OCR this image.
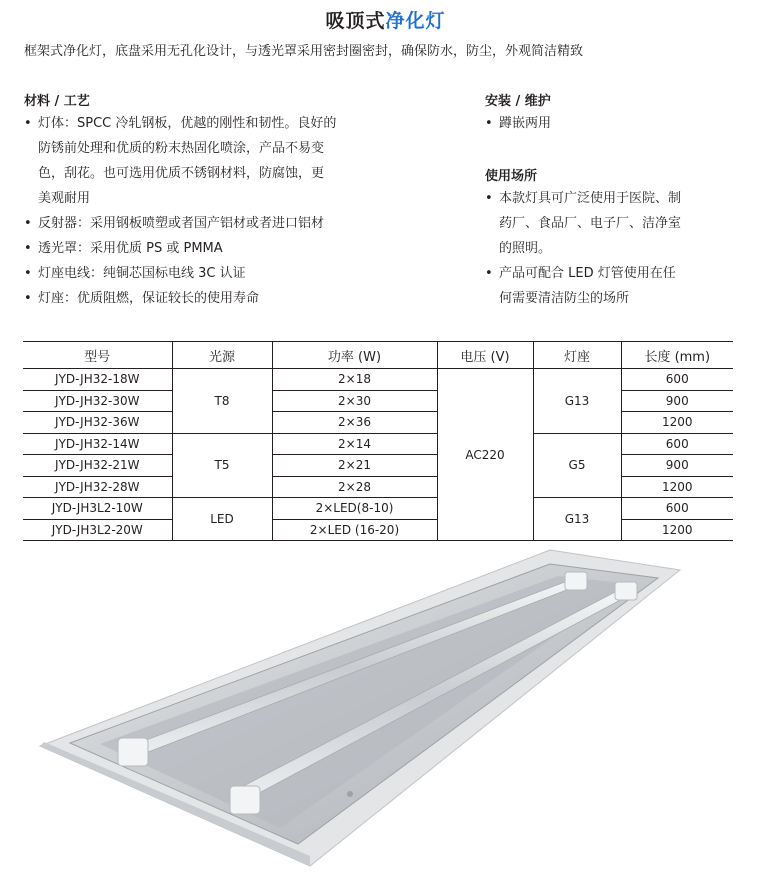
吸顶式净化灯
框架式净化灯，底盘采用无孔化设计，与透光罩采用密封圈密封，确保防水，防尘，外观简洁精致
材料 / 工艺
• 灯体：SPCC 冷轧钢板，优越的刚性和韧性。良好的
防锈前处理和优质的粉末热固化喷涂，产品不易变
色，刮花。也可选用优质不锈钢材料，防腐蚀，更
美观耐用
• 反射器：采用钢板喷塑或者国产铝材或者进口铝材
• 透光罩：采用优质 PS 或 PMMA
• 灯座电线：纯铜芯国标电线 3C 认证
• 灯座：优质阻燃，保证较长的使用寿命
安装 / 维护
• 蹲嵌两用
使用场所
• 本款灯具可广泛使用于医院、制
药厂、食品厂、电子厂、洁净室
的照明。
• 产品可配合 LED 灯管使用在任
何需要清洁防尘的场所
型号	光源	功率 (W)	电压 (V)	灯座	长度 (mm)
JYD-JH32-18W	T8	2×18	AC220	G13	600
JYD-JH32-30W		2×30			900
JYD-JH32-36W		2×36			1200
JYD-JH32-14W	T5	2×14		G5	600
JYD-JH32-21W		2×21			900
JYD-JH32-28W		2×28			1200
JYD-JH3L2-10W	LED	2×LED(8-10)		G13	600
JYD-JH3L2-20W		2×LED (16-20)			1200
